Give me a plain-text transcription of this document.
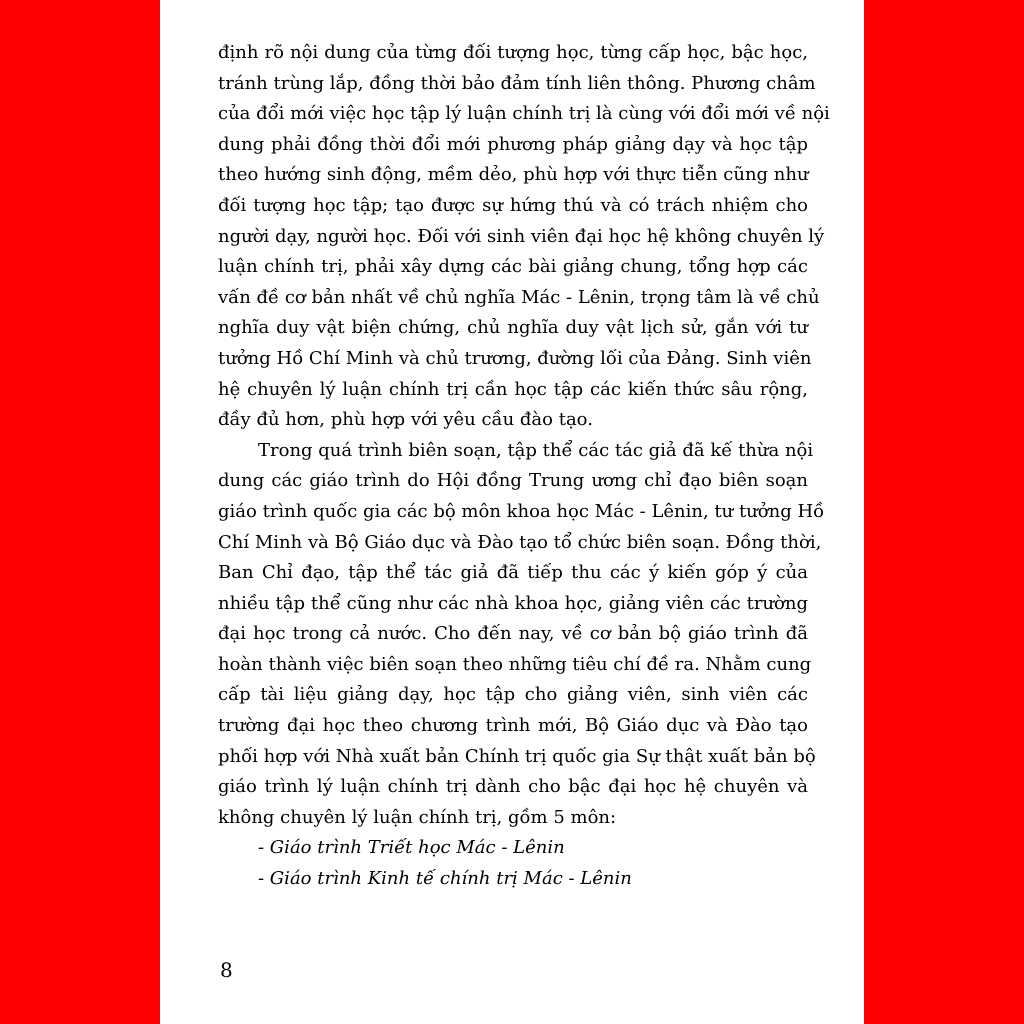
định rõ nội dung của từng đối tượng học, từng cấp học, bậc học,
tránh trùng lắp, đồng thời bảo đảm tính liên thông. Phương châm
của đổi mới việc học tập lý luận chính trị là cùng với đổi mới về nội
dung phải đồng thời đổi mới phương pháp giảng dạy và học tập
theo hướng sinh động, mềm dẻo, phù hợp với thực tiễn cũng như
đối tượng học tập; tạo được sự hứng thú và có trách nhiệm cho
người dạy, người học. Đối với sinh viên đại học hệ không chuyên lý
luận chính trị, phải xây dựng các bài giảng chung, tổng hợp các
vấn đề cơ bản nhất về chủ nghĩa Mác - Lênin, trọng tâm là về chủ
nghĩa duy vật biện chứng, chủ nghĩa duy vật lịch sử, gắn với tư
tưởng Hồ Chí Minh và chủ trương, đường lối của Đảng. Sinh viên
hệ chuyên lý luận chính trị cần học tập các kiến thức sâu rộng,
đầy đủ hơn, phù hợp với yêu cầu đào tạo.
Trong quá trình biên soạn, tập thể các tác giả đã kế thừa nội
dung các giáo trình do Hội đồng Trung ương chỉ đạo biên soạn
giáo trình quốc gia các bộ môn khoa học Mác - Lênin, tư tưởng Hồ
Chí Minh và Bộ Giáo dục và Đào tạo tổ chức biên soạn. Đồng thời,
Ban Chỉ đạo, tập thể tác giả đã tiếp thu các ý kiến góp ý của
nhiều tập thể cũng như các nhà khoa học, giảng viên các trường
đại học trong cả nước. Cho đến nay, về cơ bản bộ giáo trình đã
hoàn thành việc biên soạn theo những tiêu chí đề ra. Nhằm cung
cấp tài liệu giảng dạy, học tập cho giảng viên, sinh viên các
trường đại học theo chương trình mới, Bộ Giáo dục và Đào tạo
phối hợp với Nhà xuất bản Chính trị quốc gia Sự thật xuất bản bộ
giáo trình lý luận chính trị dành cho bậc đại học hệ chuyên và
không chuyên lý luận chính trị, gồm 5 môn:
- Giáo trình Triết học Mác - Lênin
- Giáo trình Kinh tế chính trị Mác - Lênin
8
